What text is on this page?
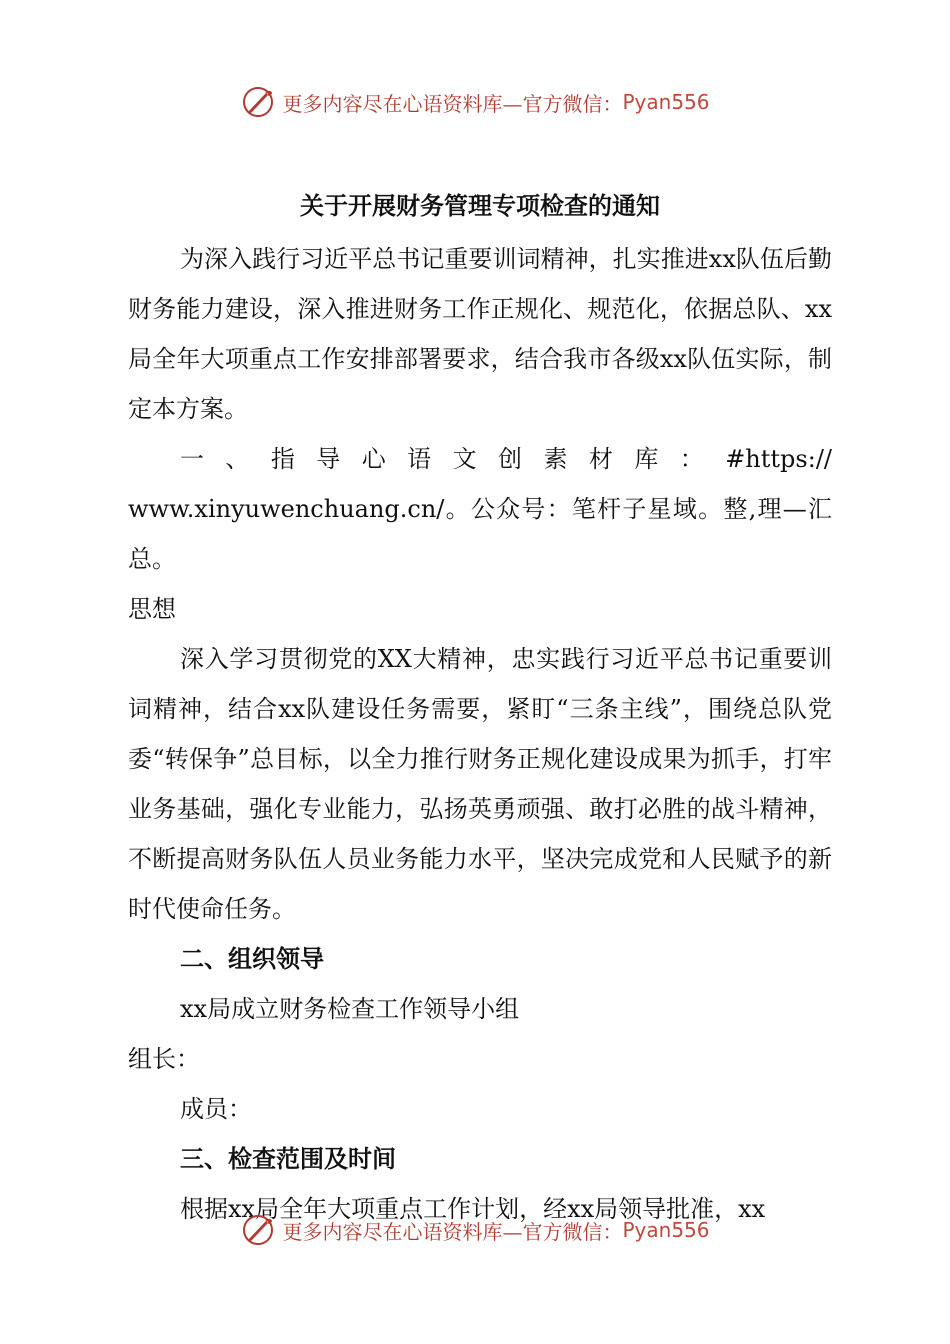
更多内容尽在心语资料库—官方微信： Pyan556

关于开展财务管理专项检查的通知

为深入践行习近平总书记重要训词精神，扎实推进xx队伍后勤财务能力建设，深入推进财务工作正规化、规范化，依据总队、xx局全年大项重点工作安排部署要求，结合我市各级xx队伍实际，制定本方案。

一、指导心语文创素材库：#https://

www.xinyuwenchuang.cn/。公众号：笔杆子星域。整,理—汇总。

思想

深入学习贯彻党的XX大精神，忠实践行习近平总书记重要训词精神，结合xx队建设任务需要，紧盯“三条主线”，围绕总队党委“转保争”总目标，以全力推行财务正规化建设成果为抓手，打牢业务基础，强化专业能力，弘扬英勇顽强、敢打必胜的战斗精神，不断提高财务队伍人员业务能力水平，坚决完成党和人民赋予的新时代使命任务。

二、组织领导

xx局成立财务检查工作领导小组

组长：

成员：

三、检查范围及时间

根据xx局全年大项重点工作计划，经xx局领导批准，xx

更多内容尽在心语资料库—官方微信： Pyan556
